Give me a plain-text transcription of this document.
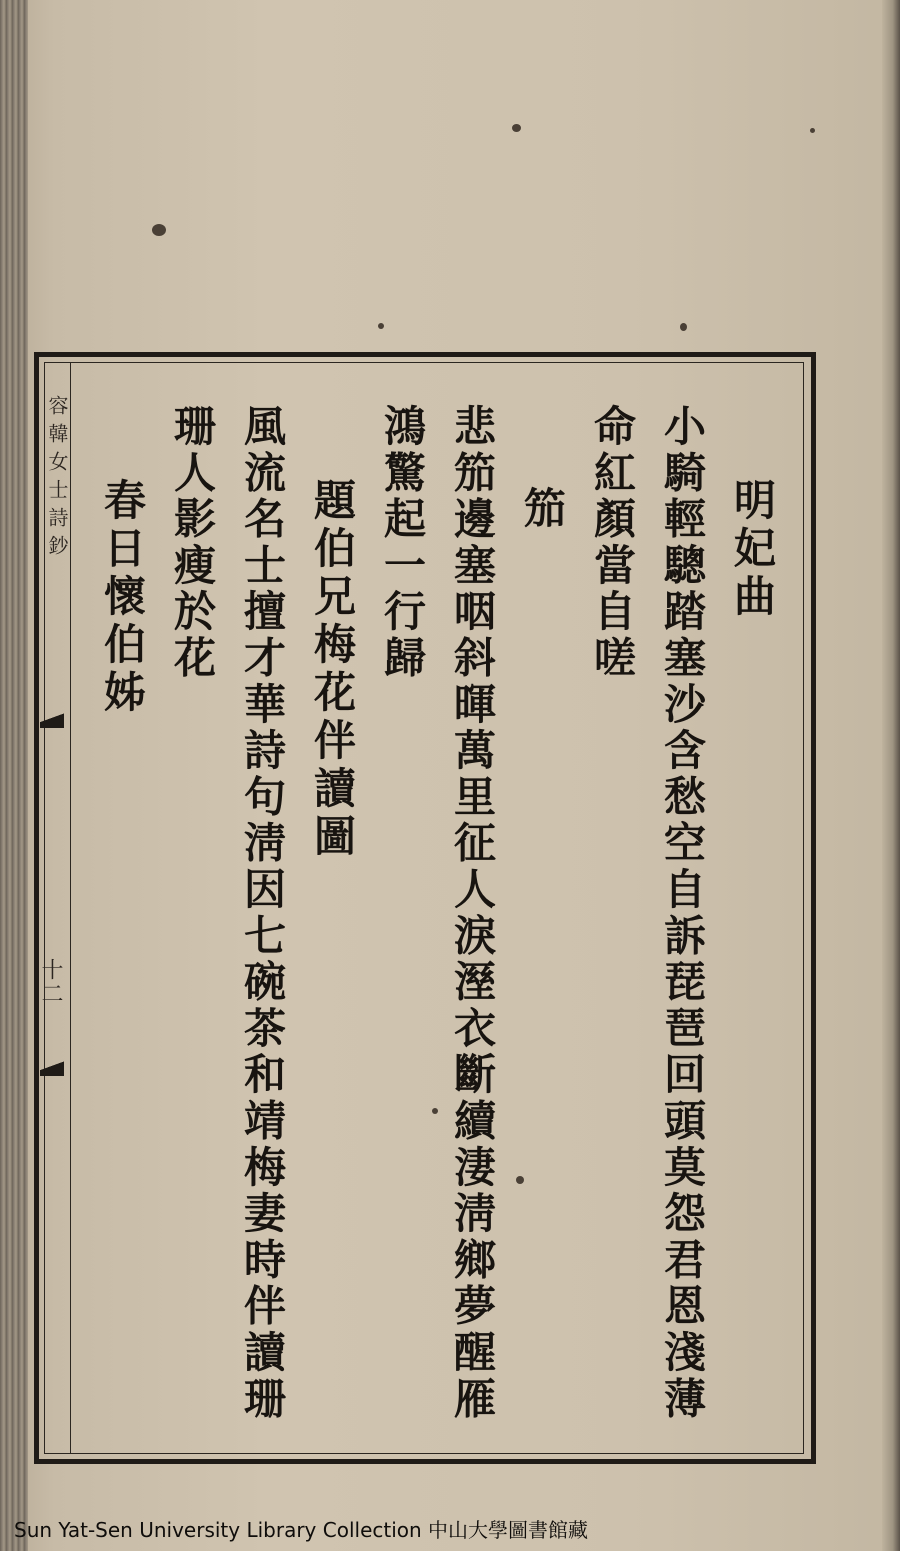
容韓女士詩鈔
十二
明妃曲
小騎輕驄踏塞沙含愁空自訴琵琶回頭莫怨君恩淺薄
命紅顏當自嗟
笳
悲笳邊塞咽斜暉萬里征人淚溼衣斷續淒淸鄉夢醒雁
鴻驚起一行歸
題伯兄梅花伴讀圖
風流名士擅才華詩句淸因七碗茶和靖梅妻時伴讀珊
珊人影瘦於花
春日懷伯姊
Sun Yat-Sen University Library Collection 中山大學圖書館藏
